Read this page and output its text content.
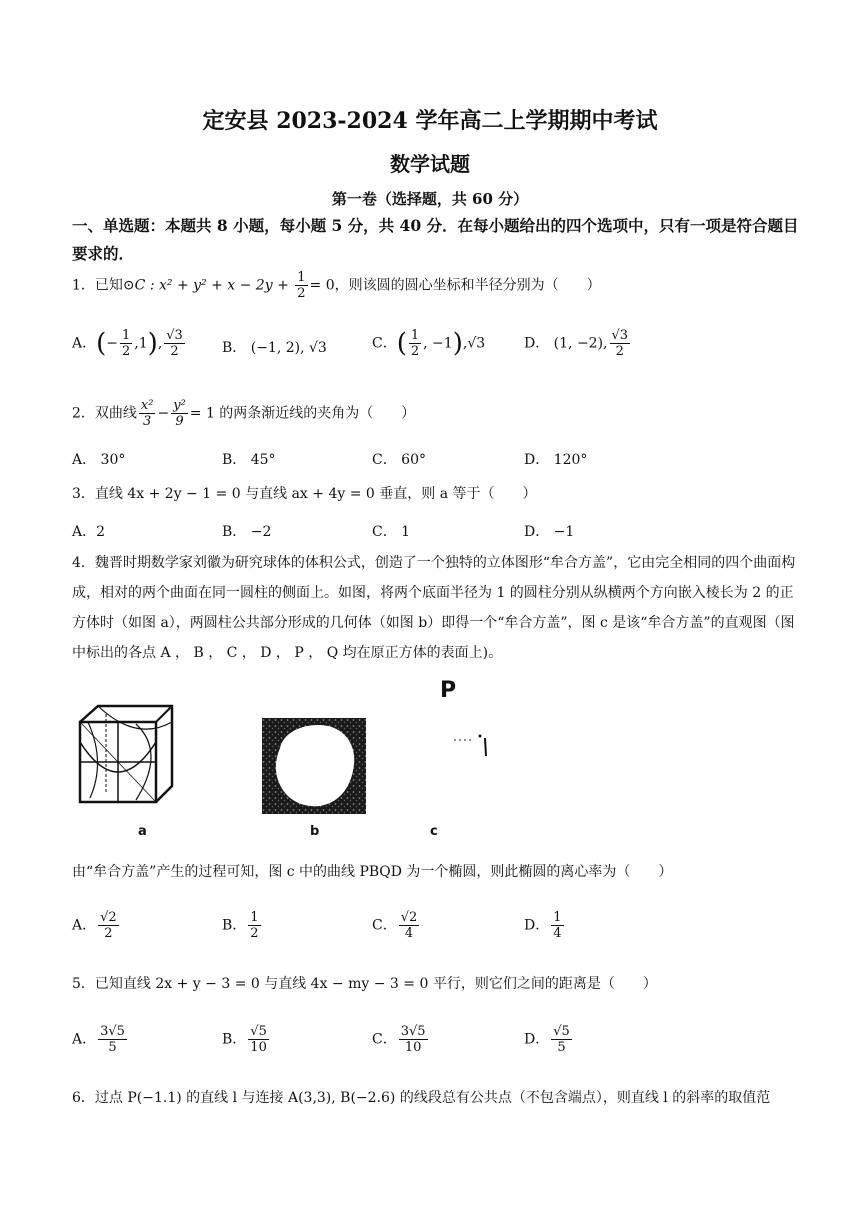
定安县 2023-2024 学年高二上学期期中考试
数学试题
第一卷（选择题，共 60 分）
一、单选题：本题共 8 小题，每小题 5 分，共 40 分．在每小题给出的四个选项中，只有一项是符合题目要求的．
1．已知⊙C : $x^2 + y^2 + x - 2y + \frac{1}{2} = 0$，则该圆的圆心坐标和半径分别为（　　）
A．(− $\frac{1}{2} ,1$), $\frac{√3}{2}$	B． (−1, 2), √3	C．( $\frac{1}{2}$ , −1),√3	D． (1, −2), $\frac{√3}{2}$
2．双曲线 $\frac{\text{x²}}{3} - \frac{\text{y²}}{9} = 1$ 的两条渐近线的夹角为（　　）
A． 30°	B． 45°	C． 60°	D． 120°
3．直线 4x + 2y − 1 = 0 与直线 ax + 4y = 0 垂直，则 a 等于（　　）
A．2	B． −2	C． 1	D． −1
4．魏晋时期数学家刘徽为研究球体的体积公式，创造了一个独特的立体图形“牟合方盖”，它由完全相同的四个曲面构成，相对的两个曲面在同一圆柱的侧面上。如图，将两个底面半径为 1 的圆柱分别从纵横两个方向嵌入棱长为 2 的正方体时（如图 a），两圆柱公共部分形成的几何体（如图 b）即得一个“牟合方盖”，图 c 是该“牟合方盖”的直观图（图中标出的各点 A ， B ， C ， D ， P ， Q 均在原正方体的表面上)。
a	b
P
c
由“牟合方盖”产生的过程可知，图 c 中的曲线 PBQD 为一个椭圆，则此椭圆的离心率为（　　）
A． $\frac{√2}{2}$	B． $\frac{1}{2}$	C． $\frac{√2}{4}$	D． $\frac{1}{4}$
5．已知直线 2x + y − 3 = 0 与直线 4x − my − 3 = 0 平行，则它们之间的距离是（　　）
A． $\frac{3√5}{5}$	B． $\frac{√5}{10}$	C． $\frac{3√5}{10}$	D． $\frac{√5}{5}$
6．过点 P(−1.1) 的直线 l 与连接 A(3,3), B(−2.6) 的线段总有公共点（不包含端点），则直线 l 的斜率的取值范
